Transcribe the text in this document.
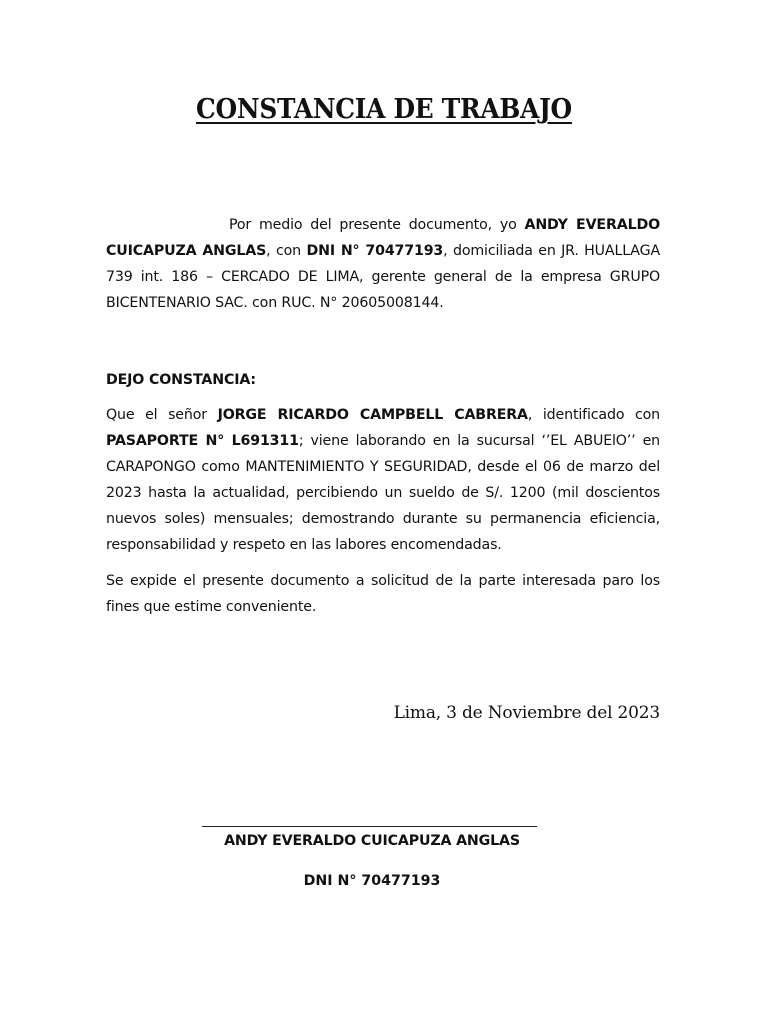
CONSTANCIA DE TRABAJO

Por medio del presente documento, yo ANDY EVERALDO CUICAPUZA ANGLAS, con DNI N° 70477193, domiciliada en JR. HUALLAGA 739 int. 186 – CERCADO DE LIMA, gerente general de la empresa GRUPO BICENTENARIO SAC. con RUC. N° 20605008144.

DEJO CONSTANCIA:

Que el señor JORGE RICARDO CAMPBELL CABRERA, identificado con PASAPORTE N° L691311; viene laborando en la sucursal ‘’EL ABUElO’’ en CARAPONGO como MANTENIMIENTO Y SEGURIDAD, desde el 06 de marzo del 2023 hasta la actualidad, percibiendo un sueldo de S/. 1200 (mil doscientos nuevos soles) mensuales; demostrando durante su permanencia eficiencia, responsabilidad y respeto en las labores encomendadas.

Se expide el presente documento a solicitud de la parte interesada paro los fines que estime conveniente.

Lima, 3 de Noviembre del 2023

ANDY EVERALDO CUICAPUZA ANGLAS

DNI N° 70477193
